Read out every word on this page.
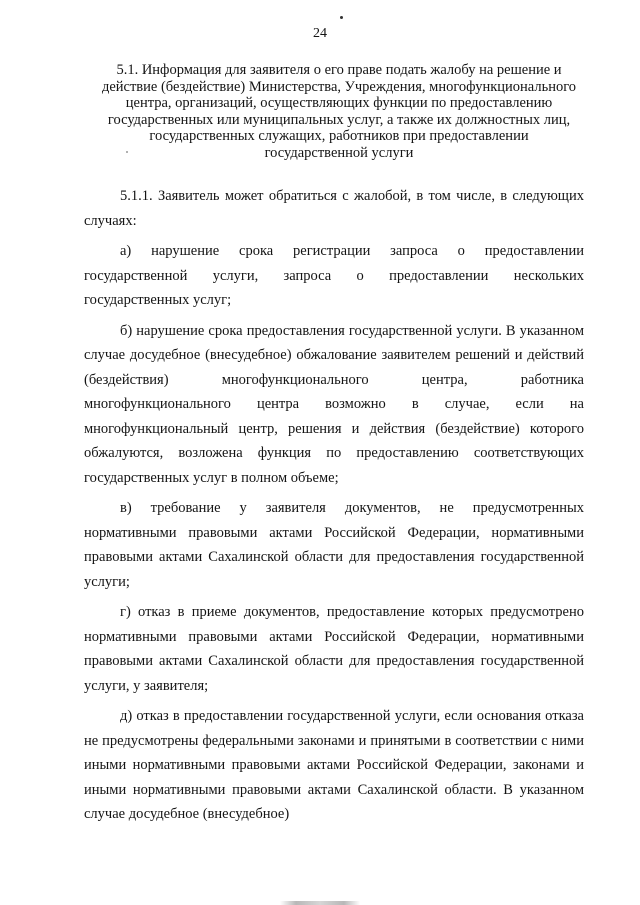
24
5.1. Информация для заявителя о его праве подать жалобу на решение и
действие (бездействие) Министерства, Учреждения, многофункционального
центра, организаций, осуществляющих функции по предоставлению
государственных или муниципальных услуг, а также их должностных лиц,
государственных служащих, работников при предоставлении
государственной услуги

5.1.1. Заявитель может обратиться с жалобой, в том числе, в следующих случаях:

а) нарушение срока регистрации запроса о предоставлении государственной услуги, запроса о предоставлении нескольких государственных услуг;

б) нарушение срока предоставления государственной услуги. В указанном случае досудебное (внесудебное) обжалование заявителем решений и действий (бездействия) многофункционального центра, работника многофункционального центра возможно в случае, если на многофункциональный центр, решения и действия (бездействие) которого обжалуются, возложена функция по предоставлению соответствующих государственных услуг в полном объеме;

в) требование у заявителя документов, не предусмотренных нормативными правовыми актами Российской Федерации, нормативными правовыми актами Сахалинской области для предоставления государственной услуги;

г) отказ в приеме документов, предоставление которых предусмотрено нормативными правовыми актами Российской Федерации, нормативными правовыми актами Сахалинской области для предоставления государственной услуги, у заявителя;

д) отказ в предоставлении государственной услуги, если основания отказа не предусмотрены федеральными законами и принятыми в соответствии с ними иными нормативными правовыми актами Российской Федерации, законами и иными нормативными правовыми актами Сахалинской области. В указанном случае досудебное (внесудебное)
